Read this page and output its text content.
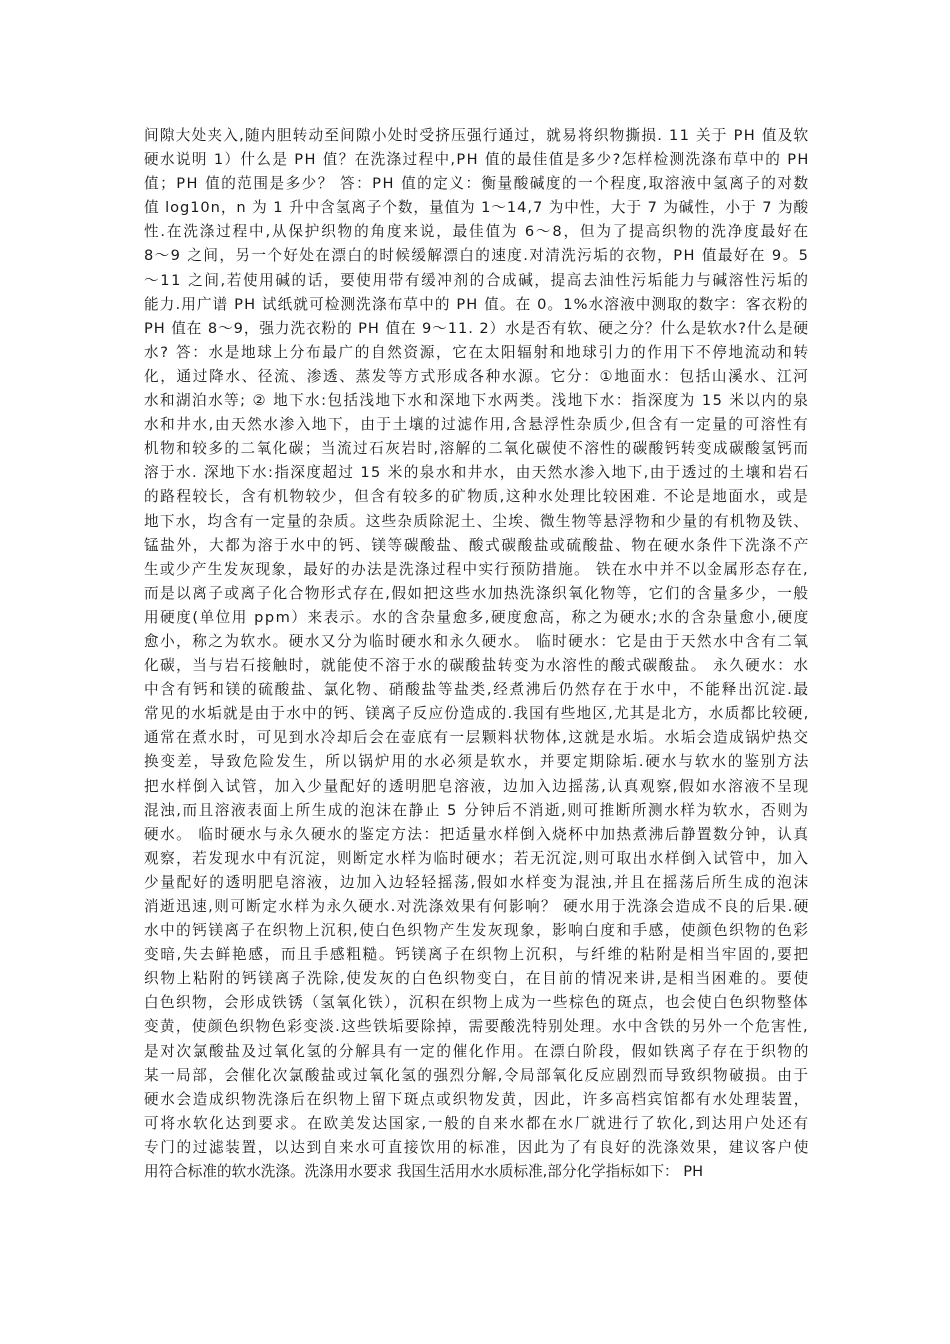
间隙大处夹入,随内胆转动至间隙小处时受挤压强行通过，就易将织物撕损. 11 关于 PH 值及软
硬水说明 1）什么是 PH 值？在洗涤过程中,PH 值的最佳值是多少?怎样检测洗涤布草中的 PH
值；PH 值的范围是多少？ 答：PH 值的定义：衡量酸碱度的一个程度,取溶液中氢离子的对数
值 log10n，n 为 1 升中含氢离子个数，量值为 1～14,7 为中性，大于 7 为碱性，小于 7 为酸
性.在洗涤过程中,从保护织物的角度来说，最佳值为 6～8，但为了提高织物的洗净度最好在
8～9 之间，另一个好处在漂白的时候缓解漂白的速度.对清洗污垢的衣物，PH 值最好在 9。5
～11 之间,若使用碱的话，要使用带有缓冲剂的合成碱，提高去油性污垢能力与碱溶性污垢的
能力.用广谱 PH 试纸就可检测洗涤布草中的 PH 值。在 0。1%水溶液中测取的数字：客衣粉的
PH 值在 8～9，强力洗衣粉的 PH 值在 9～11. 2）水是否有软、硬之分？什么是软水?什么是硬
水? 答：水是地球上分布最广的自然资源，它在太阳辐射和地球引力的作用下不停地流动和转
化，通过降水、径流、渗透、蒸发等方式形成各种水源。它分：①地面水：包括山溪水、江河
水和湖泊水等; ② 地下水:包括浅地下水和深地下水两类。浅地下水：指深度为 15 米以内的泉
水和井水,由天然水渗入地下，由于土壤的过滤作用,含悬浮性杂质少,但含有一定量的可溶性有
机物和较多的二氧化碳；当流过石灰岩时,溶解的二氧化碳使不溶性的碳酸钙转变成碳酸氢钙而
溶于水. 深地下水:指深度超过 15 米的泉水和井水，由天然水渗入地下,由于透过的土壤和岩石
的路程较长，含有机物较少，但含有较多的矿物质,这种水处理比较困难. 不论是地面水，或是
地下水，均含有一定量的杂质。这些杂质除泥土、尘埃、微生物等悬浮物和少量的有机物及铁、
锰盐外，大都为溶于水中的钙、镁等碳酸盐、酸式碳酸盐或硫酸盐、物在硬水条件下洗涤不产
生或少产生发灰现象，最好的办法是洗涤过程中实行预防措施。 铁在水中并不以金属形态存在,
而是以离子或离子化合物形式存在,假如把这些水加热洗涤织氧化物等，它们的含量多少，一般
用硬度(单位用 ppm）来表示。水的含杂量愈多,硬度愈高，称之为硬水;水的含杂量愈小,硬度
愈小，称之为软水。硬水又分为临时硬水和永久硬水。 临时硬水：它是由于天然水中含有二氧
化碳，当与岩石接触时，就能使不溶于水的碳酸盐转变为水溶性的酸式碳酸盐。 永久硬水：水
中含有钙和镁的硫酸盐、氯化物、硝酸盐等盐类,经煮沸后仍然存在于水中，不能释出沉淀.最
常见的水垢就是由于水中的钙、镁离子反应份造成的.我国有些地区,尤其是北方，水质都比较硬,
通常在煮水时，可见到水冷却后会在壶底有一层颗料状物体,这就是水垢。水垢会造成锅炉热交
换变差，导致危险发生，所以锅炉用的水必须是软水，并要定期除垢.硬水与软水的鉴别方法
把水样倒入试管，加入少量配好的透明肥皂溶液，边加入边摇荡,认真观察,假如水溶液不呈现
混浊,而且溶液表面上所生成的泡沫在静止 5 分钟后不消逝,则可推断所测水样为软水，否则为
硬水。 临时硬水与永久硬水的鉴定方法：把适量水样倒入烧杯中加热煮沸后静置数分钟，认真
观察，若发现水中有沉淀，则断定水样为临时硬水；若无沉淀,则可取出水样倒入试管中，加入
少量配好的透明肥皂溶液，边加入边轻轻摇荡,假如水样变为混浊,并且在摇荡后所生成的泡沫
消逝迅速,则可断定水样为永久硬水.对洗涤效果有何影响？ 硬水用于洗涤会造成不良的后果.硬
水中的钙镁离子在织物上沉积,使白色织物产生发灰现象，影响白度和手感，使颜色织物的色彩
变暗,失去鲜艳感，而且手感粗糙。钙镁离子在织物上沉积，与纤维的粘附是相当牢固的,要把
织物上粘附的钙镁离子洗除,使发灰的白色织物变白，在目前的情况来讲,是相当困难的。要使
白色织物，会形成铁锈（氢氧化铁），沉积在织物上成为一些棕色的斑点，也会使白色织物整体
变黄，使颜色织物色彩变淡.这些铁垢要除掉，需要酸洗特别处理。水中含铁的另外一个危害性,
是对次氯酸盐及过氧化氢的分解具有一定的催化作用。在漂白阶段，假如铁离子存在于织物的
某一局部，会催化次氯酸盐或过氧化氢的强烈分解,令局部氧化反应剧烈而导致织物破损。由于
硬水会造成织物洗涤后在织物上留下斑点或织物发黄，因此，许多高档宾馆都有水处理装置，
可将水软化达到要求。在欧美发达国家,一般的自来水都在水厂就进行了软化,到达用户处还有
专门的过滤装置，以达到自来水可直接饮用的标准，因此为了有良好的洗涤效果，建议客户使
用符合标准的软水洗涤。洗涤用水要求 我国生活用水水质标准,部分化学指标如下： PH
